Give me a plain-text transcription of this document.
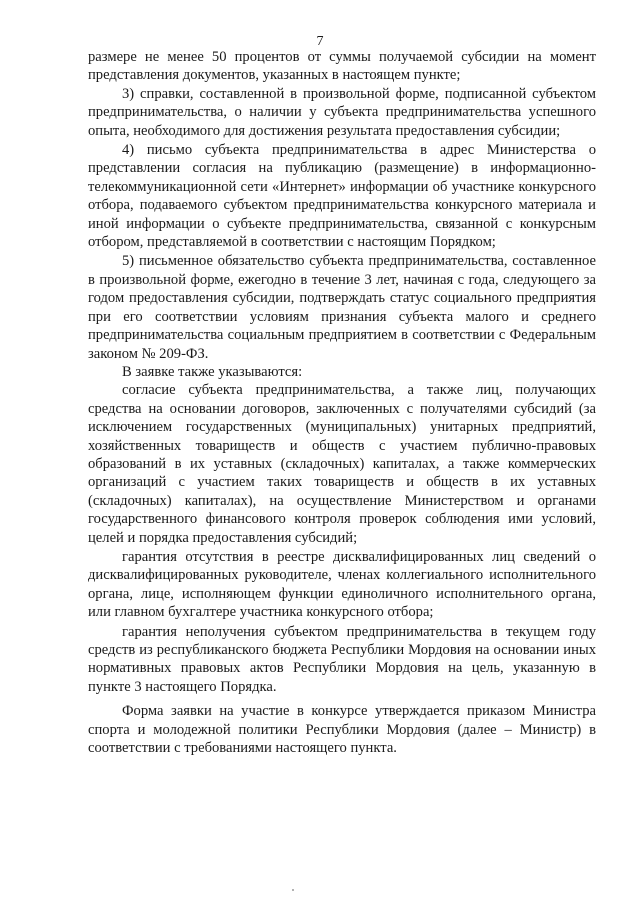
7

размере не менее 50 процентов от суммы получаемой субсидии на момент представления документов, указанных в настоящем пункте;

3) справки, составленной в произвольной форме, подписанной субъектом предпринимательства, о наличии у субъекта предпринимательства успешного опыта, необходимого для достижения результата предоставления субсидии;

4) письмо субъекта предпринимательства в адрес Министерства о представлении согласия на публикацию (размещение) в информационно-телекоммуникационной сети «Интернет» информации об участнике конкурсного отбора, подаваемого субъектом предпринимательства конкурсного материала и иной информации о субъекте предпринимательства, связанной с конкурсным отбором, представляемой в соответствии с настоящим Порядком;

5) письменное обязательство субъекта предпринимательства, составленное в произвольной форме, ежегодно в течение 3 лет, начиная с года, следующего за годом предоставления субсидии, подтверждать статус социального предприятия при его соответствии условиям признания субъекта малого и среднего предпринимательства социальным предприятием в соответствии с Федеральным законом № 209-ФЗ.

В заявке также указываются:

согласие субъекта предпринимательства, а также лиц, получающих средства на основании договоров, заключенных с получателями субсидий (за исключением государственных (муниципальных) унитарных предприятий, хозяйственных товариществ и обществ с участием публично-правовых образований в их уставных (складочных) капиталах, а также коммерческих организаций с участием таких товариществ и обществ в их уставных (складочных) капиталах), на осуществление Министерством и органами государственного финансового контроля проверок соблюдения ими условий, целей и порядка предоставления субсидий;

гарантия отсутствия в реестре дисквалифицированных лиц сведений о дисквалифицированных руководителе, членах коллегиального исполнительного органа, лице, исполняющем функции единоличного исполнительного органа, или главном бухгалтере участника конкурсного отбора;

гарантия неполучения субъектом предпринимательства в текущем году средств из республиканского бюджета Республики Мордовия на основании иных нормативных правовых актов Республики Мордовия на цель, указанную в пункте 3 настоящего Порядка.

Форма заявки на участие в конкурсе утверждается приказом Министра спорта и молодежной политики Республики Мордовия (далее – Министр) в соответствии с требованиями настоящего пункта.
